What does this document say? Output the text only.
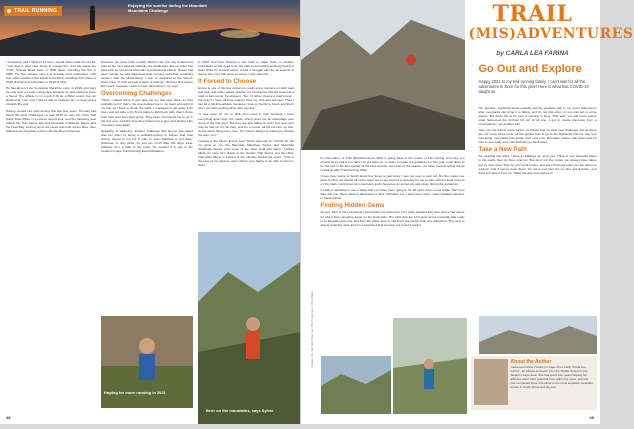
TRAIL RUNNING
Enjoying the sunrise during the Mountain Mountains Challenge

I competed, and I think it's for that, I would have made the top 10. I lost that in your race being in Congerrom, and the starts are "Holt". Sinitaal Road Runs in 1995 place, including the first in 2006. He Tom Greene race it to actually most impressive, with four other medals in the aQuill Lead 2018, including 27th place in 2018 (5,012) and 13th place in 2019 (4,591).

He has also run the Comrades Marathon once, in 2019, and says he only took on such a long race because he was asked to pace a friend. The athlete is on a sub-7:30 for a 50km event, but ran finished at 7:22, and I had to wait to motivate him to keep going towards the end.

Having moved into trail running this last few years, Thomas has found 69 extra challenges, in late 2018 he won the Ultra Trail Cape Town 35km in a course record time, and the following year added the Trail Series title and Mountain Challenge Series and the Hout Bay, winning all of the races and both series titles, then added a second place in the multi-day Beyond Stones.

However, he came back in early 2020 to win the City Koftenorms race at the next attempt. Actually, the challenges Emme writer this past year as I personal Mountain a professional athlete. Braver has been mental, he was diagnosed after running more than a training session near the Muizenberg. I was so skeptical at the fear-of-heart pops. "It took at least a week of training", Rodney he's had to kill myself, because I want to hear something in my legs".

Overcoming Challenges

"When I talked them to just give me my last race back, as they probably won't" that's, the one doubled me in my heart and eight in my feet so I liked to check the walls. I managed to get away from there and am able to try find a place to fight back with, then I chose from their and then kept going. They have not helped me to go in the line and, and this time they picked out a gym and finished the mountain route again.

Speaking of widening, another challenge that Emme has faced was her effort to being a software-getting to trainer, and trust racing, forced to run the 2 mile, or even Matthew to put them. Whereas, in July 2019, he just ran north after the day's treat-pathway he's a fake in the track. He needed it to get to the Southern Cape Trail Running Event Marathon.

in 2018, and then finished a role back to Cape Town. In another emphasize on the need to be the start to something anything having a deal! What for a worth about. It was a struggle also for all aspects of racing, the ones that were so many on the start line.

It Forced to Choose

Emme is one of the few runners to really enjoy success on both road and trail, and when asked whether he considered himself foremost a road or trail runner, he answers, "No, I'd rather choose a road runner - but only if I have all time support from my club and sponsor. Then I can be a full-time athlete, because I love my family to bond, and that's why I am also working while also running."

"It was easy for me to shift from road to trail, because I have everything apart from the roads, which gives me an advantage over some of the trail guys. But they are also different, and I just now can't only do trail run for the start, and I'm a runner, all the rest are my feet, do the same thing every race. So I had to adapt my training to change the way I run."

Looking to the future, Emme says "Much depends on COVID-19, but my aims to run the Mountain Marathon Series and Mountain Challenge Series, plus some of the other local trail races." Further afield, he says he's drawn to the Golden Trail Series, but the Ultra-Trail Mont Blanc in France is the ultimate bucket list event. "That is the race of my dreams, and I will be very happy to be able to trail run there."

Hoping for more running in 2021
Brrrr on the mountains, says Sylvie
48
TRAIL
(MIS)ADVENTURES
by CARLA LEA FARINA
Go Out and Explore
Happy 2021 to my trail running family. I can't wait for all the adventures in store for this year! Here is what has COVID-19 taught us.

he first edition of Trail (Mis)Adventures 2021 is going back to the routes of trail running, and why you should all try trail if you have not yet done so. In order to make our guidance for this year, most likely to be the first in the last quarter of the race and the best start of the season, we have most amazing things to look at after Trail Running 2020.

I have been going to South about four times a year since I was not even a year old. But the reason we have for this, we should all of the ways out to see that it's a perfectly for me to stay with the local runners on the trails, running across mountains and it becomes an extremely safe place during the pandemic.

It really is amazing to see a place that you have been going to for 20 years from a new angle. Don't just hike and you, these allow to backpacks in Muir, Michaels, etc. I have been there, many feasible-intensive in South Africa!

Finding Hidden Gems

So yes, Muir is full of amazing opportunities for adventure but I have avoided that race now a bad sense for about three amazing areas on the local trails. The trails that are a bit quiet and a mountain that really is so beautiful and only, and then the place and I'm still find it way better than any adventure. The cave is all just amazing route and I'm a surprised that we have not found it earlier.

Oh, genuine, exploring areas possibly are the greatest step in my eyes! Adventures after mountains can bring it to hiking, and it's not that often, or one can get to some places. But that's the to be part of running in busy. That said, you will never guess what happened the furthest bit out of all one, I got to desire someone from a mountainbar - yet another trail.

Now, Oh, the trail to some winter, no choice and no other real challenge, but as there are not many times tents, all the guides how to go to the highlands that we stay one trail going, somebody has gotten their own cool. Mountain Vredes with Ryan and it's nice to see really and I will definitely go back there.

Take a New Path

So, heading into 2021, I have a challenge for all of you. Think of your favourite place in the world, then go there and run. But don't run the routes you always have taken but try new ones. Stop by your local routes, and even find new ones you are about to explore. And if you've been there, it's not a new trail but Go Out and Explore, and don't just take it from me. Make the day and explore it!

About the Author
Carla-Lea Farina ("Cella") is Cape Point Holly "Carla Lea Farina", an Athlete at Coach from the Middle School in the Western Cape area. She has spent four years helping her athletes reach their potential from within the sport, and she has completed three trail ultras in the most exquisite, beautiful terrain in South Africa and beyond.
Images: Mr. Sheridan Gorsha, Phil Jongmans, Nick Wittel
49
